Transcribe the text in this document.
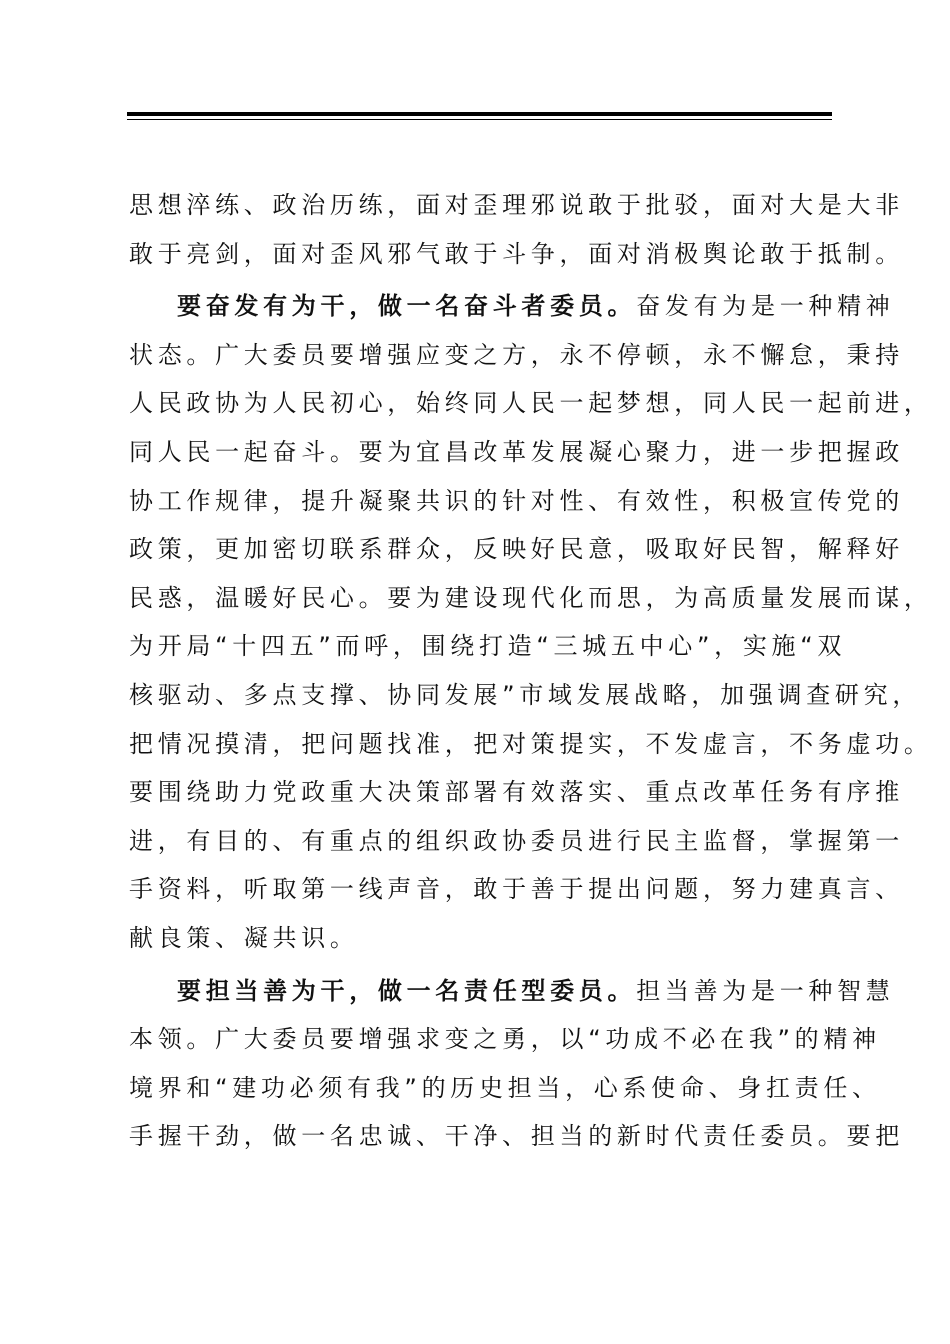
思想淬练、政治历练，面对歪理邪说敢于批驳，面对大是大非

敢于亮剑，面对歪风邪气敢于斗争，面对消极舆论敢于抵制。

要奋发有为干，做一名奋斗者委员。奋发有为是一种精神

状态。广大委员要增强应变之方，永不停顿，永不懈怠，秉持

人民政协为人民初心，始终同人民一起梦想，同人民一起前进，

同人民一起奋斗。要为宜昌改革发展凝心聚力，进一步把握政

协工作规律，提升凝聚共识的针对性、有效性，积极宣传党的

政策，更加密切联系群众，反映好民意，吸取好民智，解释好

民惑，温暖好民心。要为建设现代化而思，为高质量发展而谋，

为开局“十四五”而呼，围绕打造“三城五中心”，实施“双

核驱动、多点支撑、协同发展”市域发展战略，加强调查研究，

把情况摸清，把问题找准，把对策提实，不发虚言，不务虚功。

要围绕助力党政重大决策部署有效落实、重点改革任务有序推

进，有目的、有重点的组织政协委员进行民主监督，掌握第一

手资料，听取第一线声音，敢于善于提出问题，努力建真言、

献良策、凝共识。

要担当善为干，做一名责任型委员。担当善为是一种智慧

本领。广大委员要增强求变之勇，以“功成不必在我”的精神

境界和“建功必须有我”的历史担当，心系使命、身扛责任、

手握干劲，做一名忠诚、干净、担当的新时代责任委员。要把
